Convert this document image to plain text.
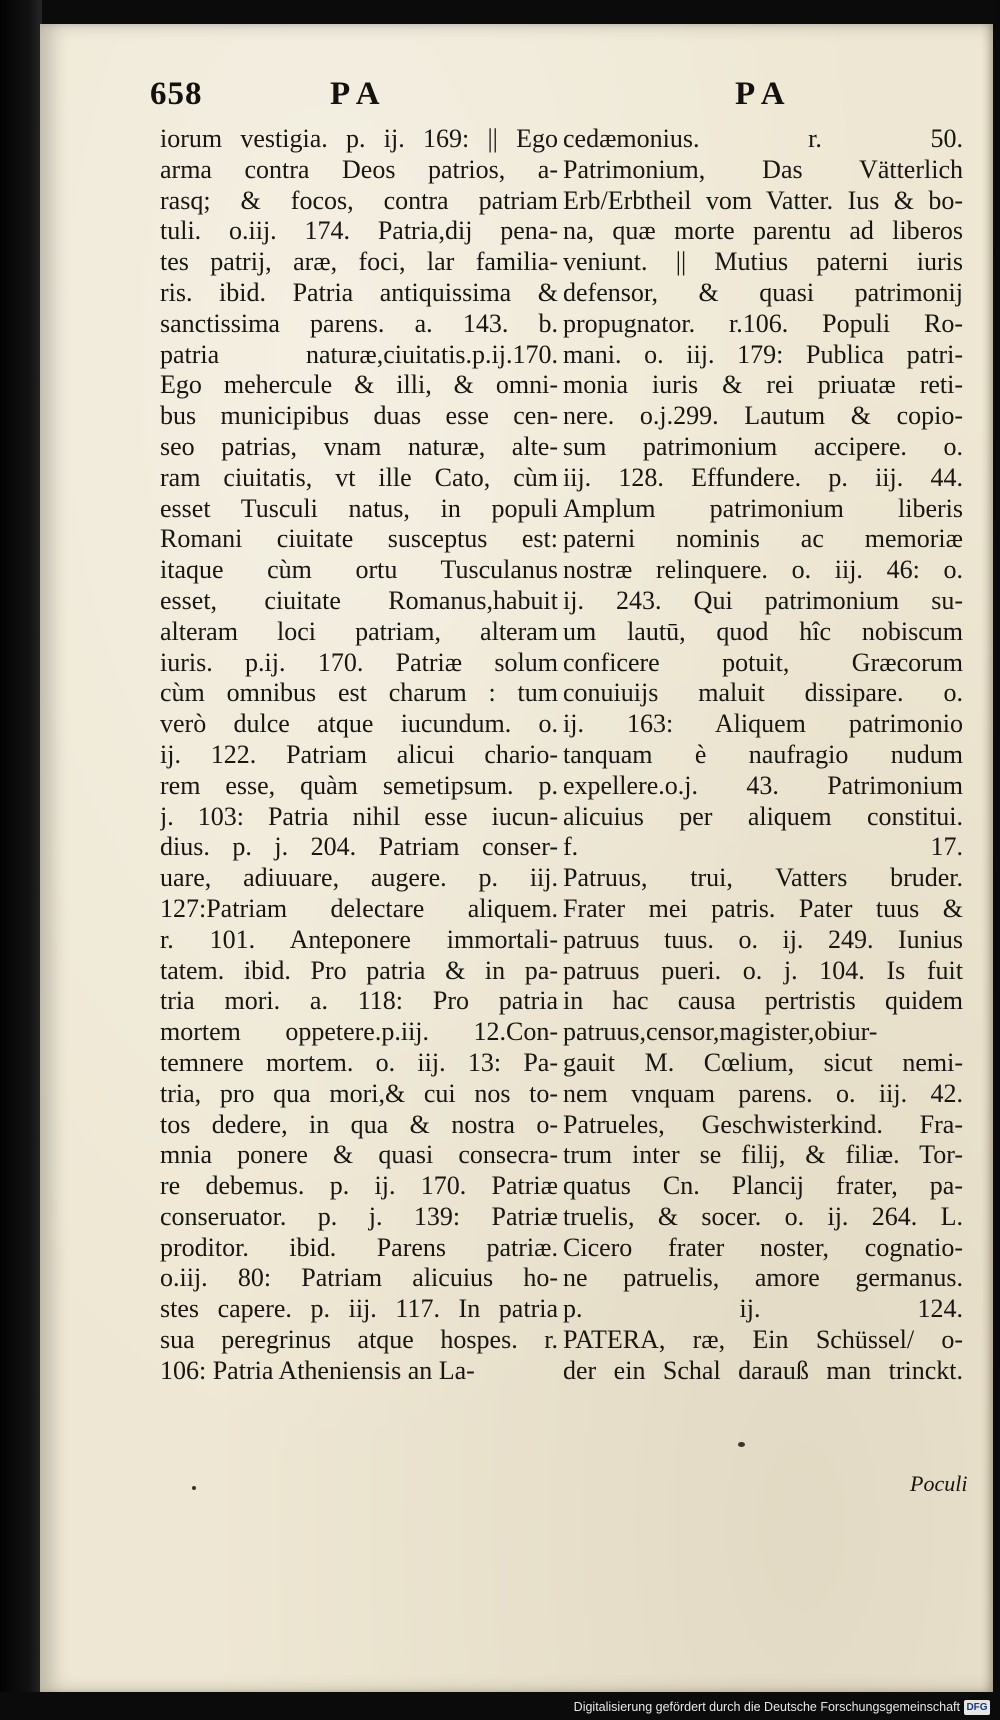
658	PA	PA
iorum vestigia. p. ij. 169: || Ego
arma contra Deos patrios, a-
rasq; & focos, contra patriam
tuli. o.iij. 174. Patria,dij pena-
tes patrij, aræ, foci, lar familia-
ris. ibid. Patria antiquissima &
sanctissima parens. a. 143. b.
patria naturæ,ciuitatis.p.ij.170.
Ego mehercule & illi, & omni-
bus municipibus duas esse cen-
seo patrias, vnam naturæ, alte-
ram ciuitatis, vt ille Cato, cùm
esset Tusculi natus, in populi
Romani ciuitate susceptus est:
itaque cùm ortu Tusculanus
esset, ciuitate Romanus,habuit
alteram loci patriam, alteram
iuris. p.ij. 170. Patriæ solum
cùm omnibus est charum : tum
verò dulce atque iucundum. o.
ij. 122. Patriam alicui chario-
rem esse, quàm semetipsum. p.
j. 103: Patria nihil esse iucun-
dius. p. j. 204. Patriam conser-
uare, adiuuare, augere. p. iij.
127:Patriam delectare aliquem.
r. 101. Anteponere immortali-
tatem. ibid. Pro patria & in pa-
tria mori. a. 118: Pro patria
mortem oppetere.p.iij. 12.Con-
temnere mortem. o. iij. 13: Pa-
tria, pro qua mori,& cui nos to-
tos dedere, in qua & nostra o-
mnia ponere & quasi consecra-
re debemus. p. ij. 170. Patriæ
conseruator. p. j. 139: Patriæ
proditor. ibid. Parens patriæ.
o.iij. 80: Patriam alicuius ho-
stes capere. p. iij. 117. In patria
sua peregrinus atque hospes. r.
106: Patria Atheniensis an La-
cedæmonius. r. 50.
Patrimonium, Das Vätterlich
Erb/Erbtheil vom Vatter. Ius & bo-
na, quæ morte parentu ad liberos
veniunt. || Mutius paterni iuris
defensor, & quasi patrimonij
propugnator. r.106. Populi Ro-
mani. o. iij. 179: Publica patri-
monia iuris & rei priuatæ reti-
nere. o.j.299. Lautum & copio-
sum patrimonium accipere. o.
iij. 128. Effundere. p. iij. 44.
Amplum patrimonium liberis
paterni nominis ac memoriæ
nostræ relinquere. o. iij. 46: o.
ij. 243. Qui patrimonium su-
um lautū, quod hîc nobiscum
conficere potuit, Græcorum
conuiuijs maluit dissipare. o.
ij. 163: Aliquem patrimonio
tanquam è naufragio nudum
expellere.o.j. 43. Patrimonium
alicuius per aliquem constitui.
f. 17.
Patruus, trui, Vatters bruder.
Frater mei patris. Pater tuus &
patruus tuus. o. ij. 249. Iunius
patruus pueri. o. j. 104. Is fuit
in hac causa pertristis quidem
patruus,censor,magister,obiur-
gauit M. Cœlium, sicut nemi-
nem vnquam parens. o. iij. 42.
Patrueles, Geschwisterkind. Fra-
trum inter se filij, & filiæ. Tor-
quatus Cn. Plancij frater, pa-
truelis, & socer. o. ij. 264. L.
Cicero frater noster, cognatio-
ne patruelis, amore germanus.
p. ij. 124.
PATERA, ræ, Ein Schüssel/ o-
der ein Schal darauß man trinckt.
Poculi
Digitalisierung gefördert durch die Deutsche Forschungsgemeinschaft DFG
